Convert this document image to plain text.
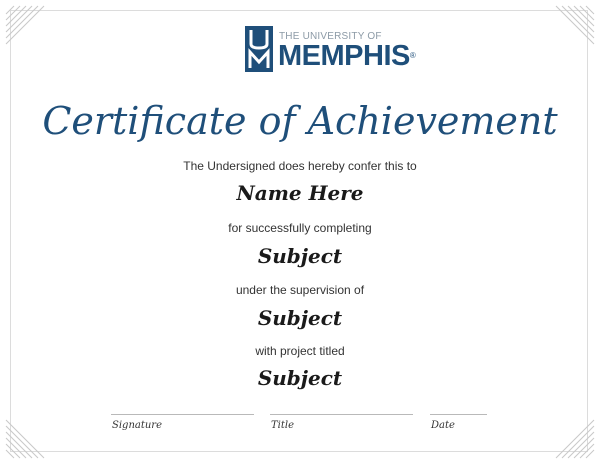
THE UNIVERSITY OF
MEMPHIS®
Certificate of Achievement
The Undersigned does hereby confer this to
Name Here
for successfully completing
Subject
under the supervision of
Subject
with project titled
Subject
Signature	Title	Date
